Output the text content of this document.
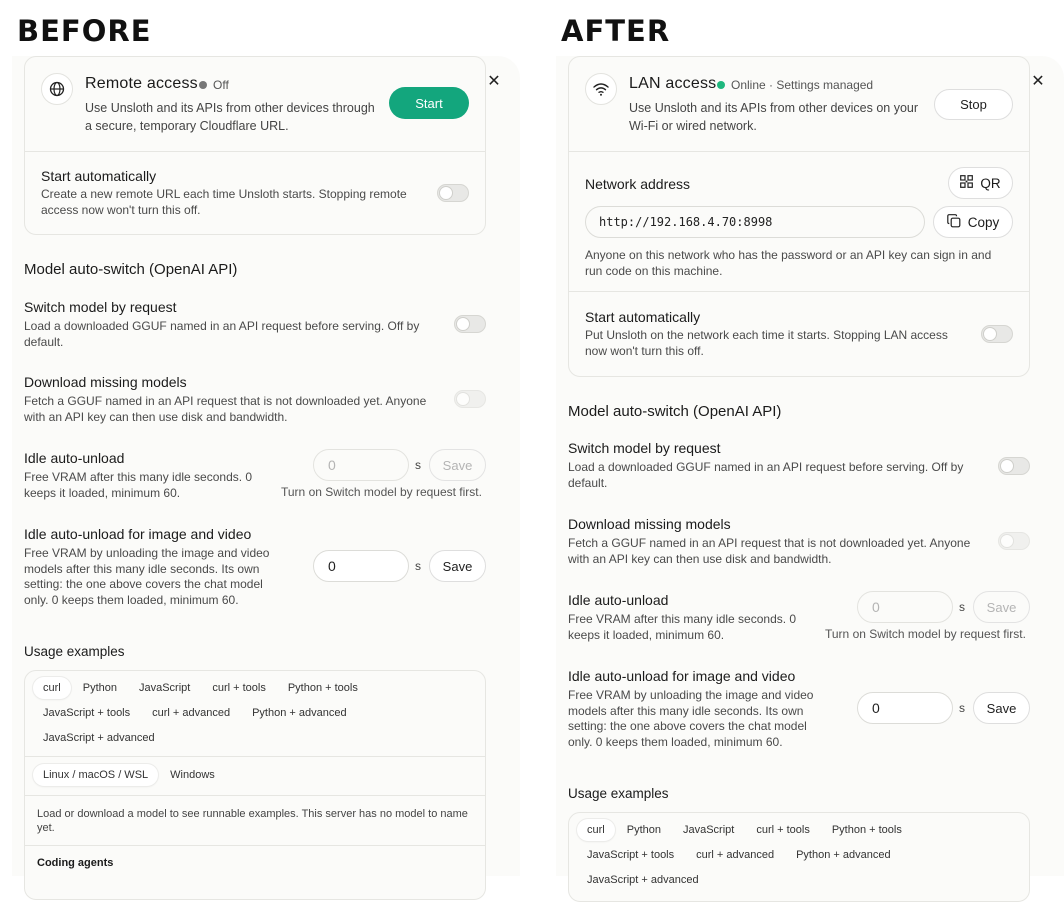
BEFORE	AFTER
✕
Remote access Off
Use Unsloth and its APIs from other devices through a secure, temporary Cloudflare URL.
Start
Start automatically
Create a new remote URL each time Unsloth starts. Stopping remote access now won't turn this off.
Model auto-switch (OpenAI API)
Switch model by request
Load a downloaded GGUF named in an API request before serving. Off by default.
Download missing models
Fetch a GGUF named in an API request that is not downloaded yet. Anyone with an API key can then use disk and bandwidth.
Idle auto-unload
Free VRAM after this many idle seconds. 0 keeps it loaded, minimum 60.
0	s	Save
Turn on Switch model by request first.
Idle auto-unload for image and video
Free VRAM by unloading the image and video models after this many idle seconds. Its own setting: the one above covers the chat model only. 0 keeps them loaded, minimum 60.
0	s	Save
Usage examples
curl	Python	JavaScript	curl + tools	Python + tools
JavaScript + tools	curl + advanced	Python + advanced
JavaScript + advanced
Linux / macOS / WSL	Windows
Load or download a model to see runnable examples. This server has no model to name yet.
Coding agents
✕
LAN access Online · Settings managed
Use Unsloth and its APIs from other devices on your Wi-Fi or wired network.
Stop
Network address	QR
http://192.168.4.70:8998	Copy
Anyone on this network who has the password or an API key can sign in and run code on this machine.
Start automatically
Put Unsloth on the network each time it starts. Stopping LAN access now won't turn this off.
Model auto-switch (OpenAI API)
Switch model by request
Load a downloaded GGUF named in an API request before serving. Off by default.
Download missing models
Fetch a GGUF named in an API request that is not downloaded yet. Anyone with an API key can then use disk and bandwidth.
Idle auto-unload
Free VRAM after this many idle seconds. 0 keeps it loaded, minimum 60.
0	s	Save
Turn on Switch model by request first.
Idle auto-unload for image and video
Free VRAM by unloading the image and video models after this many idle seconds. Its own setting: the one above covers the chat model only. 0 keeps them loaded, minimum 60.
0	s	Save
Usage examples
curl	Python	JavaScript	curl + tools	Python + tools
JavaScript + tools	curl + advanced	Python + advanced
JavaScript + advanced
